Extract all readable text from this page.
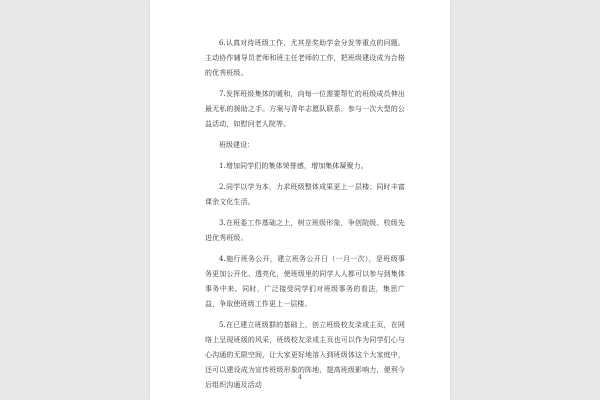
6.认真对待班级工作，尤其是奖助学金分发等重点的问题。主动协作辅导员老师和班主任老师的工作，把班级建设成为合格的优秀班级。

7.发挥班级集体的暖和，向每一位需要帮忙的班级成员伸出最无私的援助之手。方案与青年志愿队联系，参与一次大型的公益活动，如慰问老人院等。

班级建设：

1.增加同学们的集体荣誉感，增加集体凝聚力。

2.同学以学为本，力求班级整体成果更上一层楼；同时丰富课余文化生活。

3.在班委工作基础之上，树立班级形象，争创院级、校级先进优秀班级。

4.施行班务公开，建立班务公开日（一月一次），是班级事务更加公开化、透亮化，使班级里的同学人人都可以参与到集体事务中来。同时，广泛接受同学们对班级事务的看法，集思广益，争取使班级工作更上一层楼。

5.在已建立班级群的基础上，创立班级校友录或主页，在网络上呈现班级的风采，班级校友录或主页也可以作为同学们心与心沟通的无限空间，让大家更好地溶入到班级体这个大家庭中，还可以建设成为宣传班级形象的阵地，提高班级影响力，便利今后组织沟通及活动

4
